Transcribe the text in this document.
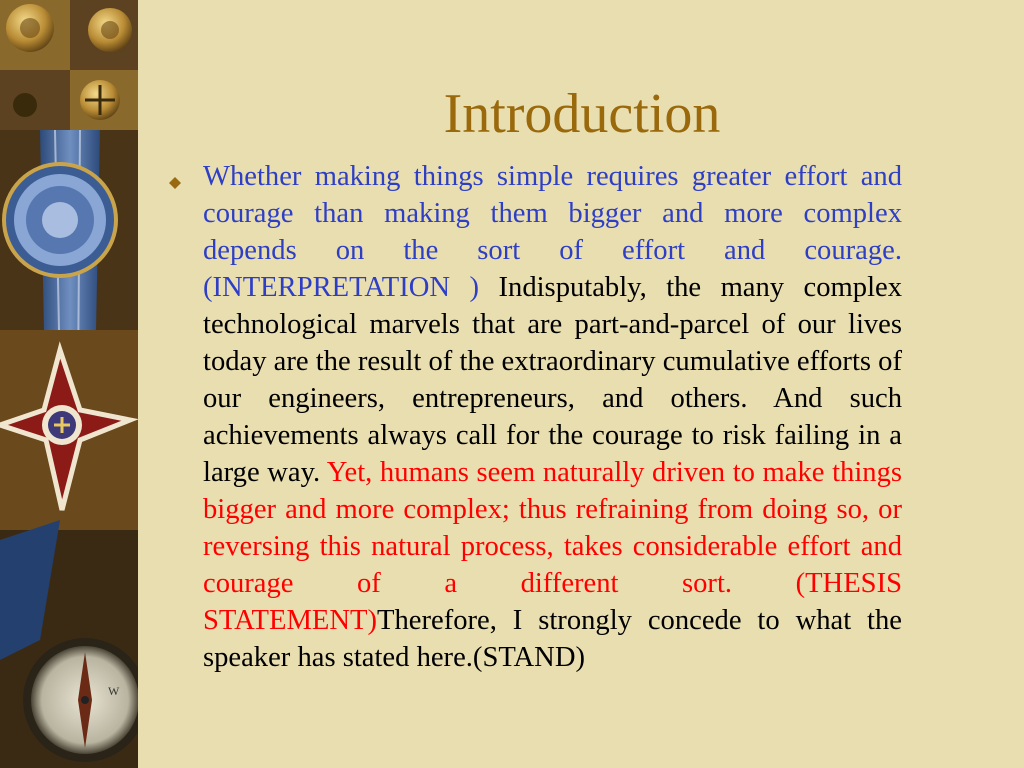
W
Introduction

Whether making things simple requires greater effort and courage than making them bigger and more complex depends on the sort of effort and courage. (INTERPRETATION ) Indisputably, the many complex technological marvels that are part-and-parcel of our lives today are the result of the extraordinary cumulative efforts of our engineers, entrepreneurs, and others. And such achievements always call for the courage to risk failing in a large way. Yet, humans seem naturally driven to make things bigger and more complex; thus refraining from doing so, or reversing this natural process, takes considerable effort and courage of a different sort. (THESIS STATEMENT)Therefore, I strongly concede to what the speaker has stated here.(STAND)
